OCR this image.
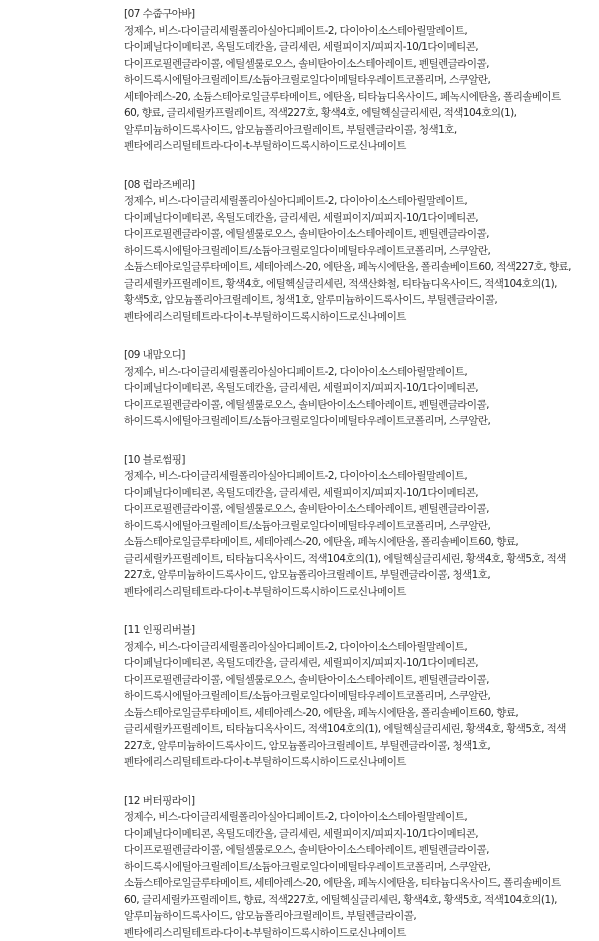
[07 수줍구아바]

정제수, 비스-다이글리세릴폴리아실아디페이트-2, 다이아이소스테아릴말레이트,

다이페닐다이메티콘, 옥틸도데칸올, 글리세린, 세릴피이지/피피지-10/1다이메티콘,

다이프로필렌글라이콜, 에틸셀룰로오스, 솔비탄아이소스테아레이트, 펜틸렌글라이콜,

하이드록시에틸아크릴레이트/소듐아크릴로일다이메틸타우레이트코폴리머, 스쿠알란,

세테아레스-20, 소듐스테아로일글루타메이트, 에탄올, 티타늄디옥사이드, 페녹시에탄올, 폴리솔베이트

60, 향료, 글리세릴카프릴레이트, 적색227호, 황색4호, 에틸헥실글리세린, 적색104호의(1),

알루미늄하이드록사이드, 암모늄폴리아크릴레이트, 부틸렌글라이콜, 청색1호,

펜타에리스리틸테트라-다이-t-부틸하이드록시하이드로신나메이트

[08 럽라즈베리]

정제수, 비스-다이글리세릴폴리아실아디페이트-2, 다이아이소스테아릴말레이트,

다이페닐다이메티콘, 옥틸도데칸올, 글리세린, 세릴피이지/피피지-10/1다이메티콘,

다이프로필렌글라이콜, 에틸셀룰로오스, 솔비탄아이소스테아레이트, 펜틸렌글라이콜,

하이드록시에틸아크릴레이트/소듐아크릴로일다이메틸타우레이트코폴리머, 스쿠알란,

소듐스테아로일글루타메이트, 세테아레스-20, 에탄올, 페녹시에탄올, 폴리솔베이트60, 적색227호, 향료,

글리세릴카프릴레이트, 황색4호, 에틸헥실글리세린, 적색산화철, 티타늄디옥사이드, 적색104호의(1),

황색5호, 암모늄폴리아크릴레이트, 청색1호, 알루미늄하이드록사이드, 부틸렌글라이콜,

펜타에리스리틸테트라-다이-t-부틸하이드록시하이드로신나메이트

[09 내맘오디]

정제수, 비스-다이글리세릴폴리아실아디페이트-2, 다이아이소스테아릴말레이트,

다이페닐다이메티콘, 옥틸도데칸올, 글리세린, 세릴피이지/피피지-10/1다이메티콘,

다이프로필렌글라이콜, 에틸셀룰로오스, 솔비탄아이소스테아레이트, 펜틸렌글라이콜,

하이드록시에틸아크릴레이트/소듐아크릴로일다이메틸타우레이트코폴리머, 스쿠알란,

[10 블로썸핑]

정제수, 비스-다이글리세릴폴리아실아디페이트-2, 다이아이소스테아릴말레이트,

다이페닐다이메티콘, 옥틸도데칸올, 글리세린, 세릴피이지/피피지-10/1다이메티콘,

다이프로필렌글라이콜, 에틸셀룰로오스, 솔비탄아이소스테아레이트, 펜틸렌글라이콜,

하이드록시에틸아크릴레이트/소듐아크릴로일다이메틸타우레이트코폴리머, 스쿠알란,

소듐스테아로일글루타메이트, 세테아레스-20, 에탄올, 페녹시에탄올, 폴리솔베이트60, 향료,

글리세릴카프릴레이트, 티타늄디옥사이드, 적색104호의(1), 에틸헥실글리세린, 황색4호, 황색5호, 적색

227호, 알루미늄하이드록사이드, 암모늄폴리아크릴레이트, 부틸렌글라이콜, 청색1호,

펜타에리스리틸테트라-다이-t-부틸하이드록시하이드로신나메이트

[11 인핑리버블]

정제수, 비스-다이글리세릴폴리아실아디페이트-2, 다이아이소스테아릴말레이트,

다이페닐다이메티콘, 옥틸도데칸올, 글리세린, 세릴피이지/피피지-10/1다이메티콘,

다이프로필렌글라이콜, 에틸셀룰로오스, 솔비탄아이소스테아레이트, 펜틸렌글라이콜,

하이드록시에틸아크릴레이트/소듐아크릴로일다이메틸타우레이트코폴리머, 스쿠알란,

소듐스테아로일글루타메이트, 세테아레스-20, 에탄올, 페녹시에탄올, 폴리솔베이트60, 향료,

글리세릴카프릴레이트, 티타늄디옥사이드, 적색104호의(1), 에틸헥실글리세린, 황색4호, 황색5호, 적색

227호, 알루미늄하이드록사이드, 암모늄폴리아크릴레이트, 부틸렌글라이콜, 청색1호,

펜타에리스리틸테트라-다이-t-부틸하이드록시하이드로신나메이트

[12 버터핑라이]

정제수, 비스-다이글리세릴폴리아실아디페이트-2, 다이아이소스테아릴말레이트,

다이페닐다이메티콘, 옥틸도데칸올, 글리세린, 세릴피이지/피피지-10/1다이메티콘,

다이프로필렌글라이콜, 에틸셀룰로오스, 솔비탄아이소스테아레이트, 펜틸렌글라이콜,

하이드록시에틸아크릴레이트/소듐아크릴로일다이메틸타우레이트코폴리머, 스쿠알란,

소듐스테아로일글루타메이트, 세테아레스-20, 에탄올, 페녹시에탄올, 티타늄디옥사이드, 폴리솔베이트

60, 글리세릴카프릴레이트, 향료, 적색227호, 에틸헥실글리세린, 황색4호, 황색5호, 적색104호의(1),

알루미늄하이드록사이드, 암모늄폴리아크릴레이트, 부틸렌글라이콜,

펜타에리스리틸테트라-다이-t-부틸하이드록시하이드로신나메이트
